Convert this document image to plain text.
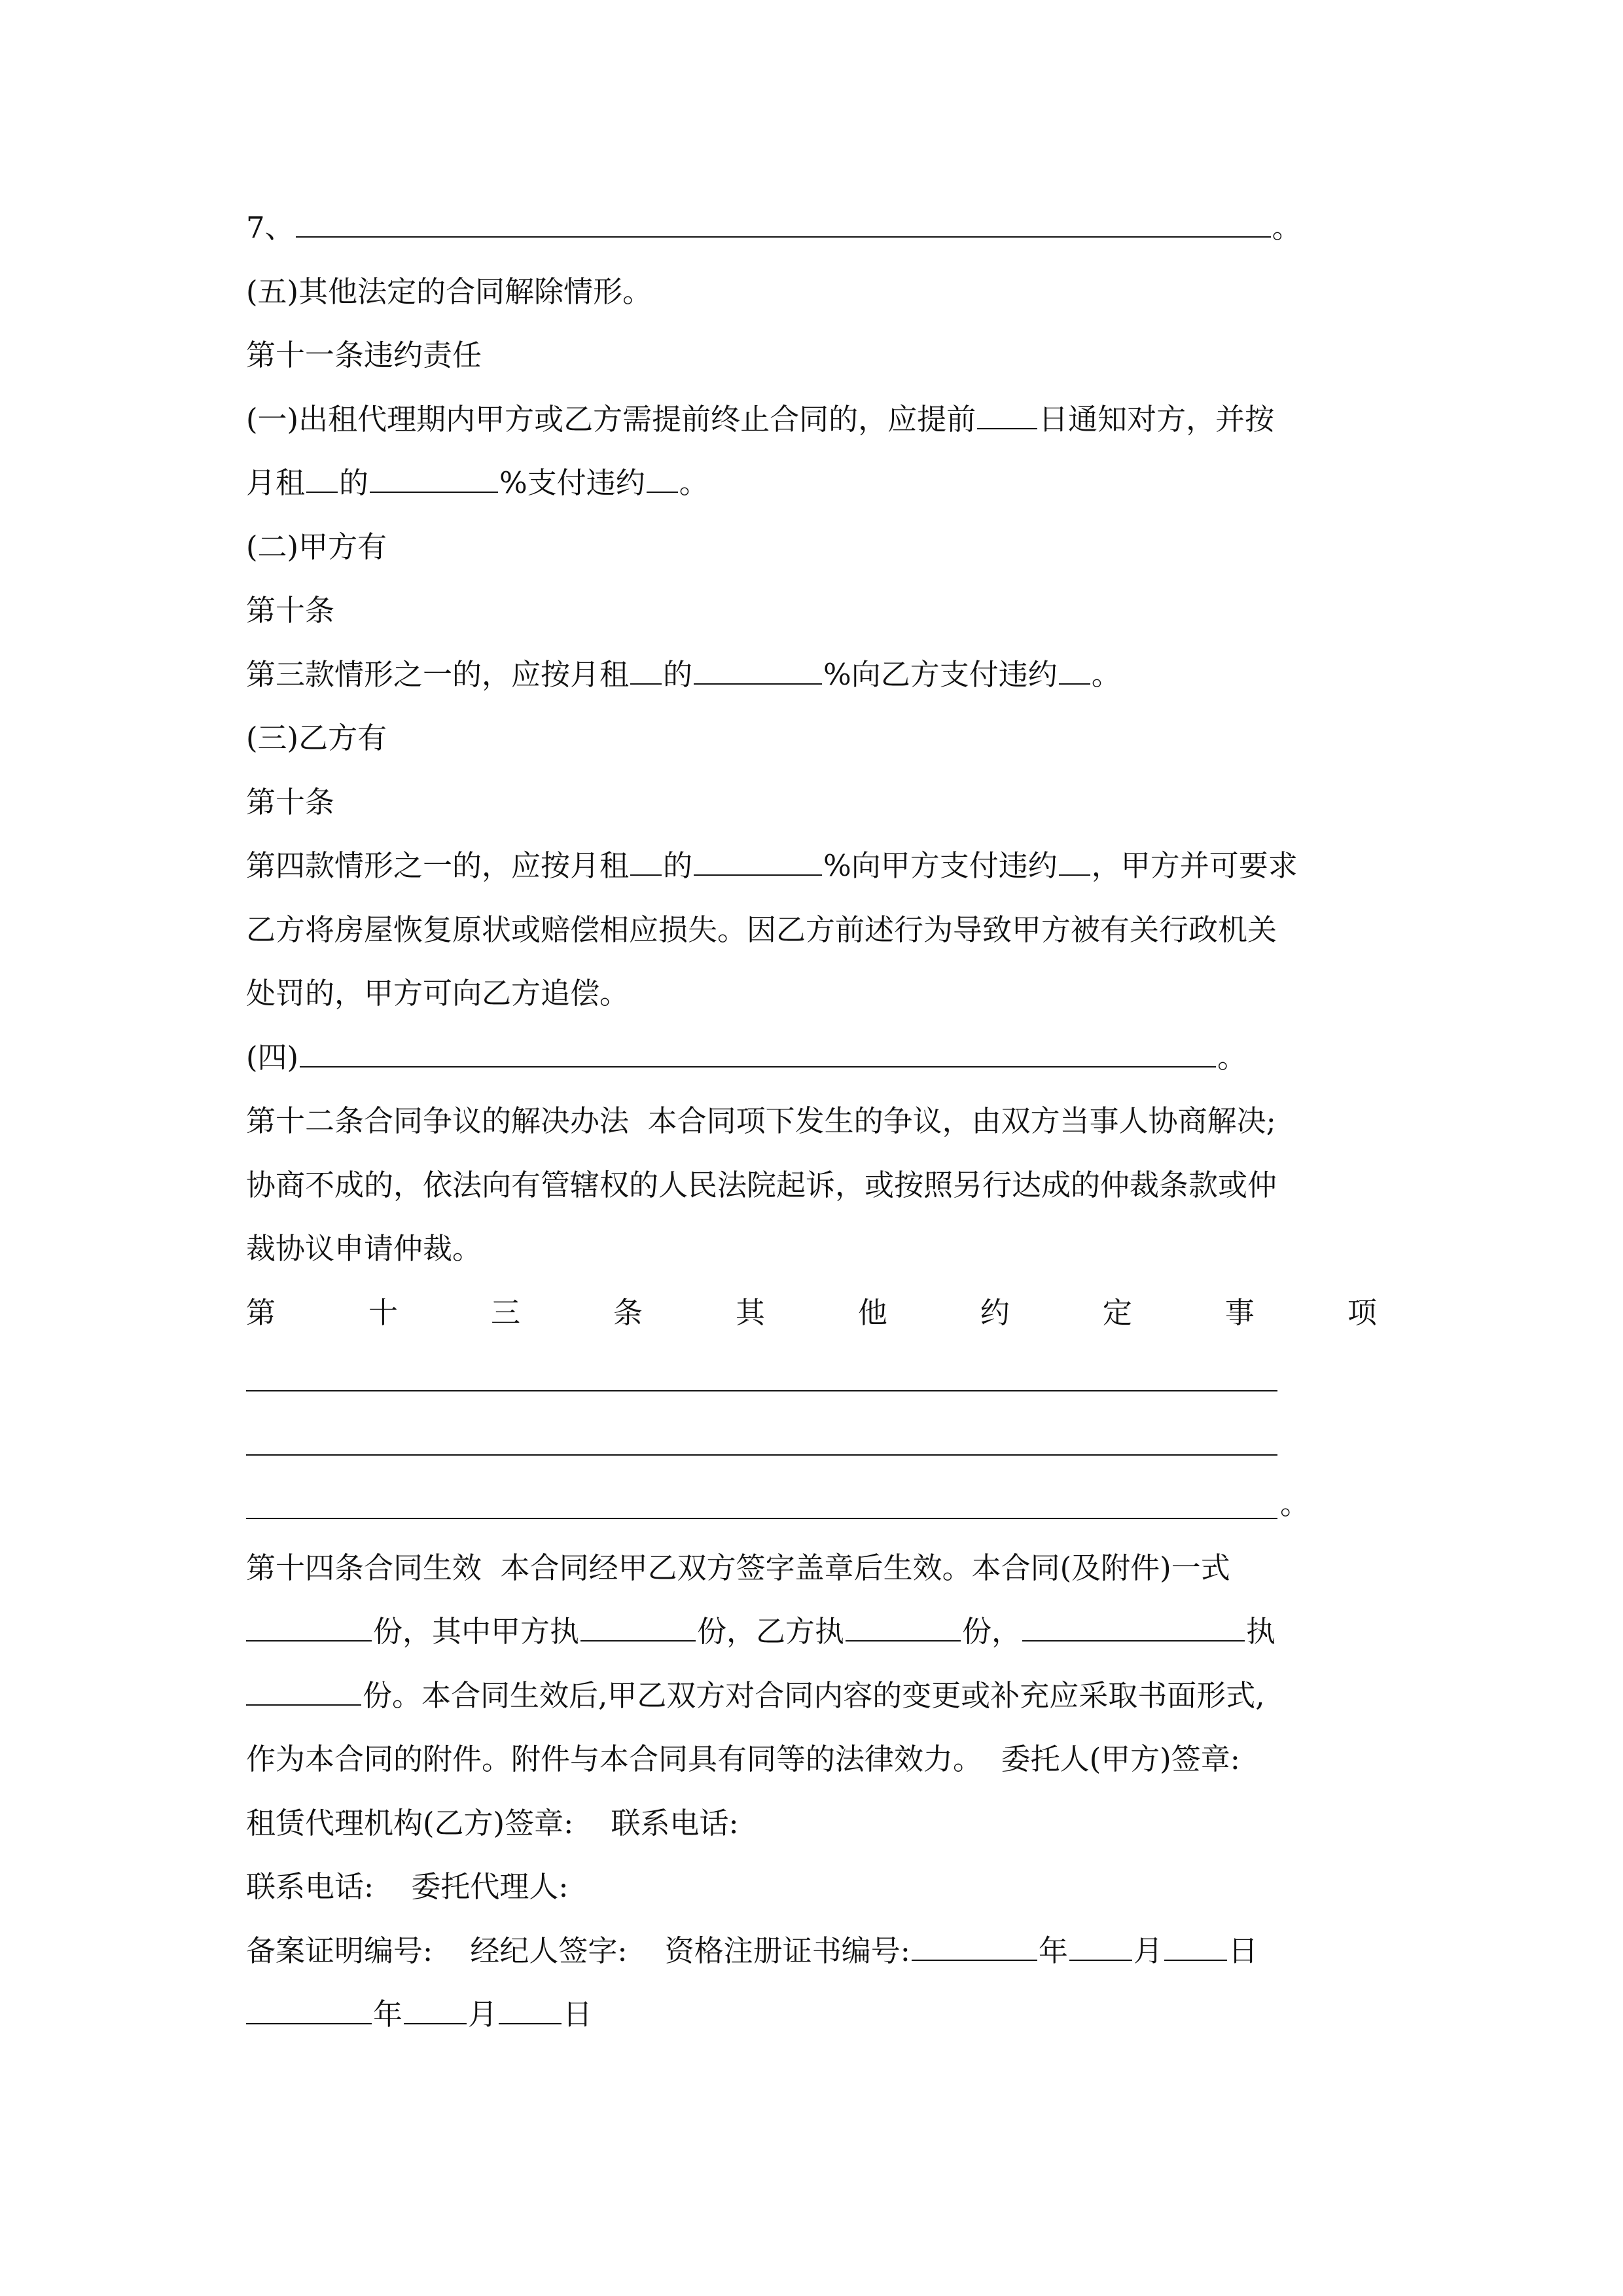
7、	。
(五)其他法定的合同解除情形。
第十一条违约责任
(一)出租代理期内甲方或乙方需提前终止合同的，应提前 日通知对方，并按
月租 的	%支付违约 。
(二)甲方有
第十条
第三款情形之一的，应按月租 的	%向乙方支付违约 。
(三)乙方有
第十条
第四款情形之一的，应按月租 的	%向甲方支付违约 ，甲方并可要求
乙方将房屋恢复原状或赔偿相应损失。因乙方前述行为导致甲方被有关行政机关
处罚的，甲方可向乙方追偿。
(四)	。
第十二条合同争议的解决办法  本合同项下发生的争议，由双方当事人协商解决;
协商不成的，依法向有管辖权的人民法院起诉，或按照另行达成的仲裁条款或仲
裁协议申请仲裁。
第	十	三	条	其	他	约	定	事	项
。
第十四条合同生效  本合同经甲乙双方签字盖章后生效。本合同(及附件)一式
份，其中甲方执	份，乙方执	份，	执
份。本合同生效后,甲乙双方对合同内容的变更或补充应采取书面形式,
作为本合同的附件。附件与本合同具有同等的法律效力。  委托人(甲方)签章:
租赁代理机构(乙方)签章:    联系电话:
联系电话:    委托代理人:
备案证明编号:    经纪人签字:    资格注册证书编号:	年 月 日
年 月 日
